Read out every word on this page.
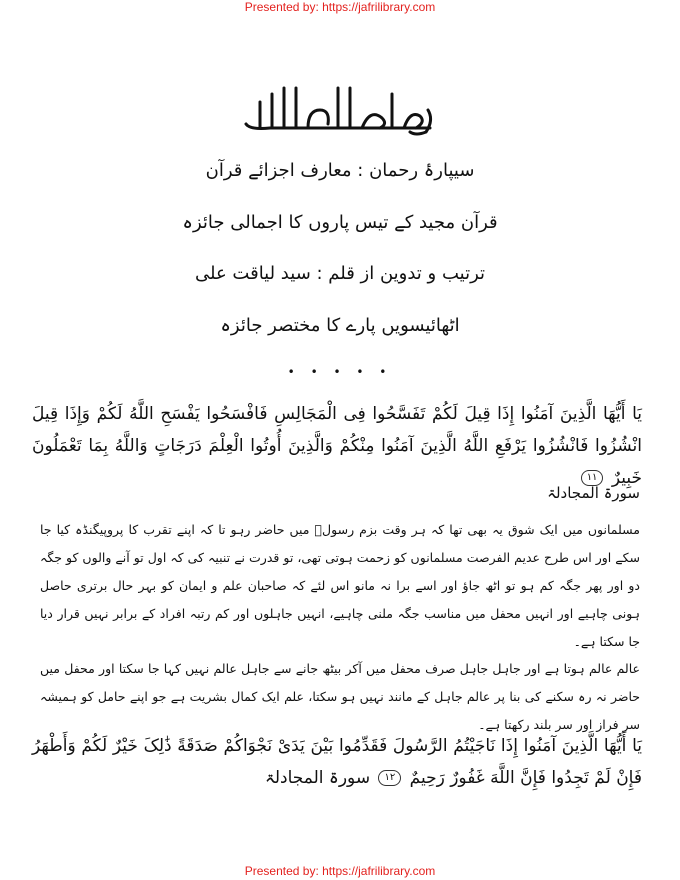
Presented by: https://jafrilibrary.com
بسم الله الرحمن الرحیم
سیپارۂ رحمان : معارف اجزائے قرآن
قرآن مجید کے تیس پاروں کا اجمالی جائزہ
ترتیب و تدوین از قلم : سید لیاقت علی
اٹھائیسویں پارے کا مختصر جائزہ
• • • • •
یَا أَیُّهَا الَّذِینَ آمَنُوا إِذَا قِیلَ لَکُمْ تَفَسَّحُوا فِی الْمَجَالِسِ فَافْسَحُوا یَفْسَحِ اللَّهُ لَکُمْ وَإِذَا قِیلَ انْشُزُوا فَانْشُزُوا یَرْفَعِ اللَّهُ الَّذِینَ آمَنُوا مِنْکُمْ وَالَّذِینَ أُوتُوا الْعِلْمَ دَرَجَاتٍ وَاللَّهُ بِمَا تَعْمَلُونَ خَبِیرٌ ١١
سورۃ المجادلۃ
مسلمانوں میں ایک شوق یہ بھی تھا کہ ہر وقت بزم رسولؐ میں حاضر رہو تا کہ اپنے تقرب کا پروپیگنڈہ کیا جا سکے اور اس طرح عدیم الفرصت مسلمانوں کو زحمت ہوتی تھی، تو قدرت نے تنبیہ کی کہ اول تو آنے والوں کو جگہ دو اور پھر جگہ کم ہو تو اٹھ جاؤ اور اسے برا نہ مانو اس لئے کہ صاحبان علم و ایمان کو بہر حال برتری حاصل ہونی چاہیے اور انہیں محفل میں مناسب جگہ ملنی چاہیے، انہیں جاہلوں اور کم رتبہ افراد کے برابر نہیں قرار دیا جا سکتا ہے۔
عالم عالم ہوتا ہے اور جاہل جاہل صرف محفل میں آکر بیٹھ جانے سے جاہل عالم نہیں کہا جا سکتا اور محفل میں حاضر نہ رہ سکنے کی بنا پر عالم جاہل کے مانند نہیں ہو سکتا، علم ایک کمال بشریت ہے جو اپنے حامل کو ہمیشہ سر فراز اور سر بلند رکھتا ہے۔
یَا أَیُّهَا الَّذِینَ آمَنُوا إِذَا نَاجَیْتُمُ الرَّسُولَ فَقَدِّمُوا بَیْنَ یَدَیْ نَجْوَاکُمْ صَدَقَةً ذَٰلِکَ خَیْرٌ لَکُمْ وَأَطْهَرُ فَإِنْ لَمْ تَجِدُوا فَإِنَّ اللَّهَ غَفُورٌ رَحِیمٌ ١٢ سورۃ المجادلۃ
Presented by: https://jafrilibrary.com
